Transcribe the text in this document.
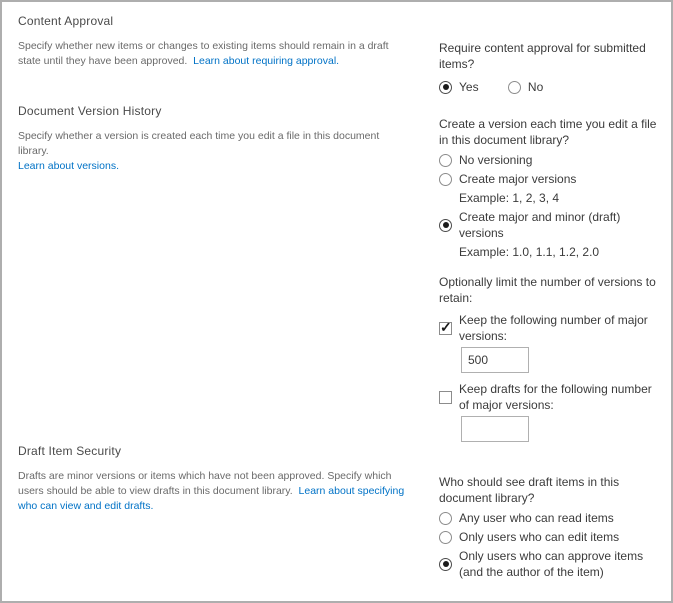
Content Approval

Specify whether new items or changes to existing items should remain in a draft state until they have been approved. Learn about requiring approval.

Require content approval for submitted items?

Yes
	No
Document Version History

Specify whether a version is created each time you edit a file in this document library.
Learn about versions.

Create a version each time you edit a file in this document library?

No versioning
Create major versions
Example: 1, 2, 3, 4
Create major and minor (draft) versions
Example: 1.0, 1.1, 1.2, 2.0

Optionally limit the number of versions to retain:

✓
Keep the following number of major versions:
500
Keep drafts for the following number of major versions:
Draft Item Security

Drafts are minor versions or items which have not been approved. Specify which users should be able to view drafts in this document library.  Learn about specifying who can view and edit drafts.

Who should see draft items in this document library?

Any user who can read items
Only users who can edit items
Only users who can approve items (and the author of the item)
